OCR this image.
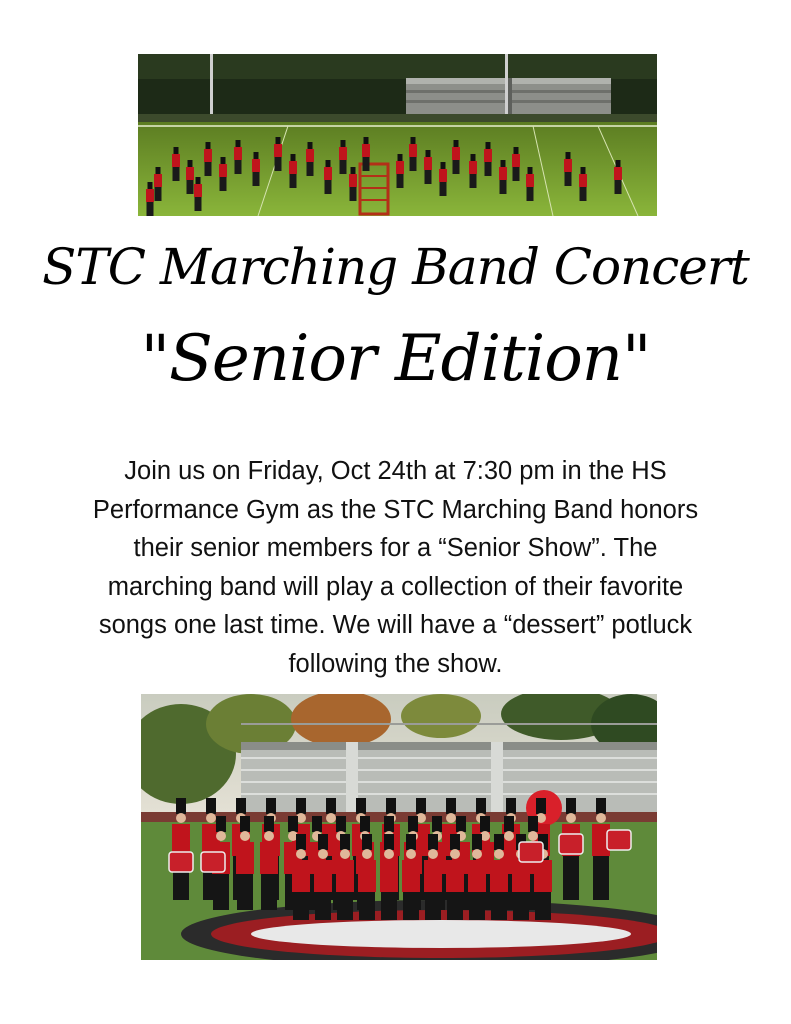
STC Marching Band Concert
"Senior Edition"
Join us on Friday, Oct 24th at 7:30 pm in the HS
Performance Gym as the STC Marching Band honors
their senior members for a “Senior Show”. The
marching band will play a collection of their favorite
songs one last time. We will have a “dessert” potluck
following the show.
